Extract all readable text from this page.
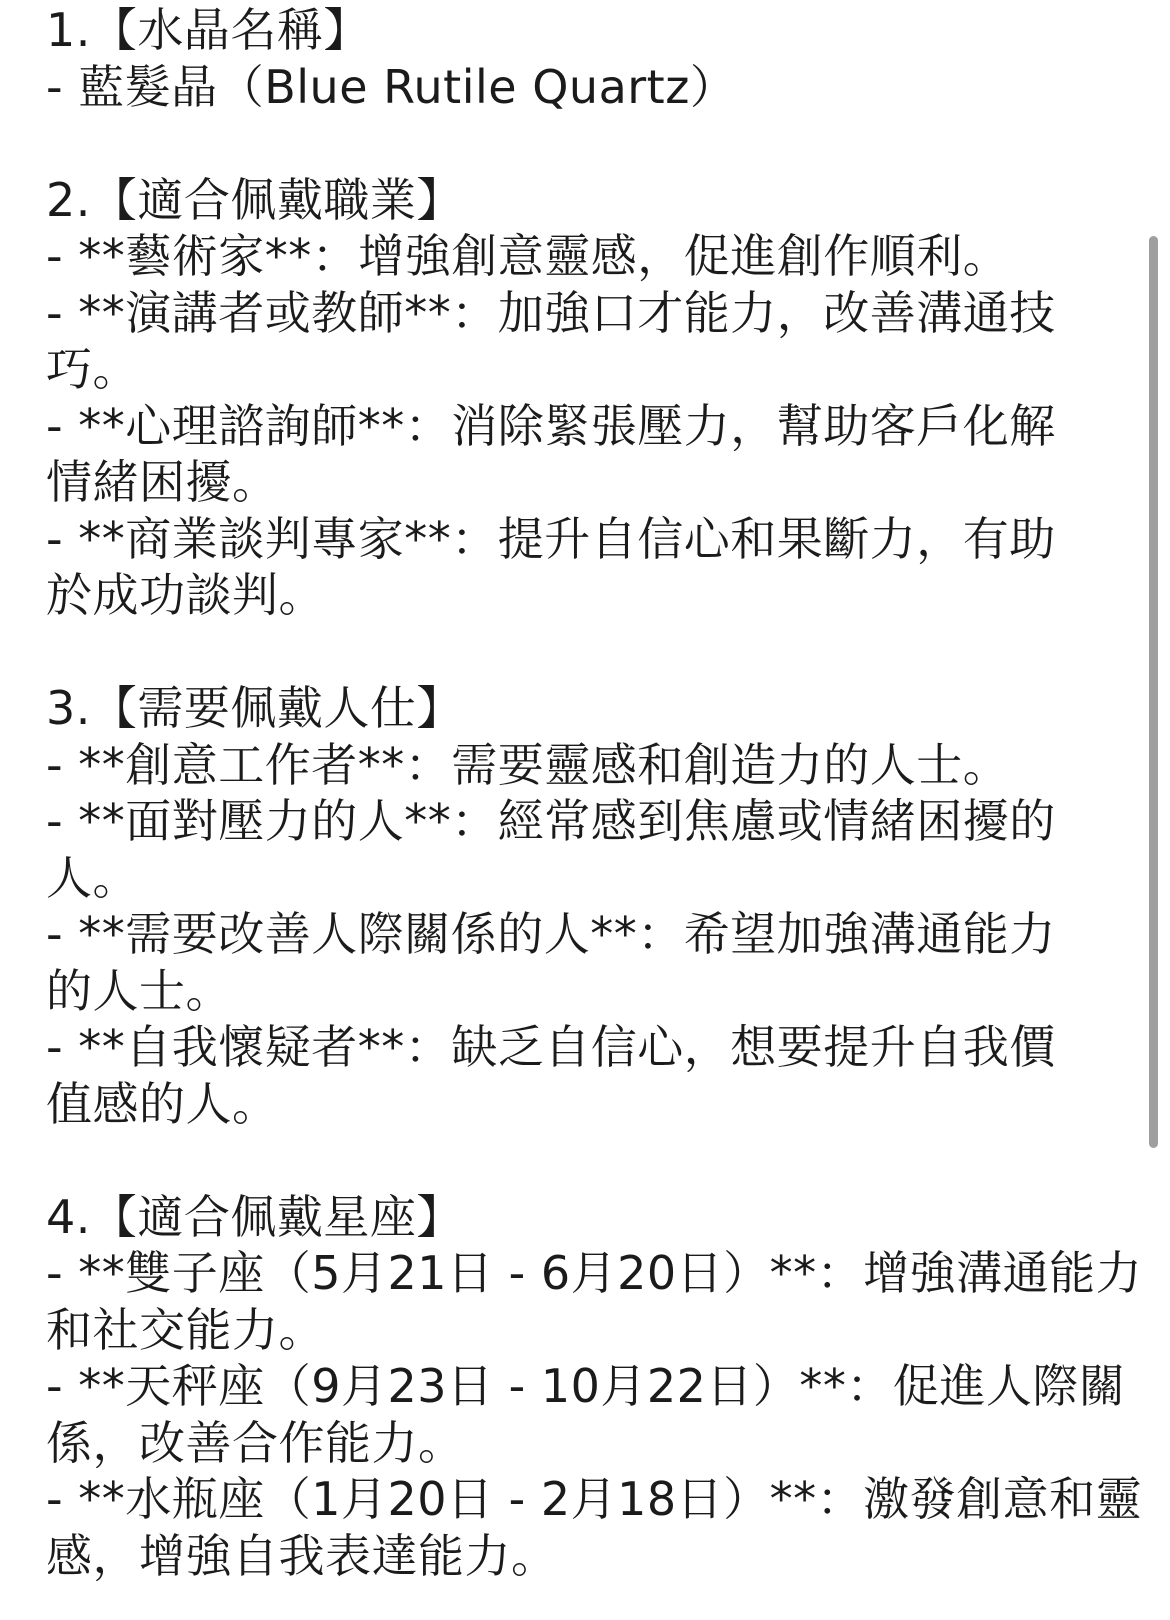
1.【水晶名稱】
- 藍髮晶（Blue Rutile Quartz）
2.【適合佩戴職業】
- **藝術家**：增強創意靈感，促進創作順利。
- **演講者或教師**：加強口才能力，改善溝通技
巧。
- **心理諮詢師**：消除緊張壓力，幫助客戶化解
情緒困擾。
- **商業談判專家**：提升自信心和果斷力，有助
於成功談判。
3.【需要佩戴人仕】
- **創意工作者**：需要靈感和創造力的人士。
- **面對壓力的人**：經常感到焦慮或情緒困擾的
人。
- **需要改善人際關係的人**：希望加強溝通能力
的人士。
- **自我懷疑者**：缺乏自信心，想要提升自我價
值感的人。
4.【適合佩戴星座】
- **雙子座（5月21日 - 6月20日）**：增強溝通能力
和社交能力。
- **天秤座（9月23日 - 10月22日）**：促進人際關
係，改善合作能力。
- **水瓶座（1月20日 - 2月18日）**：激發創意和靈
感，增強自我表達能力。
